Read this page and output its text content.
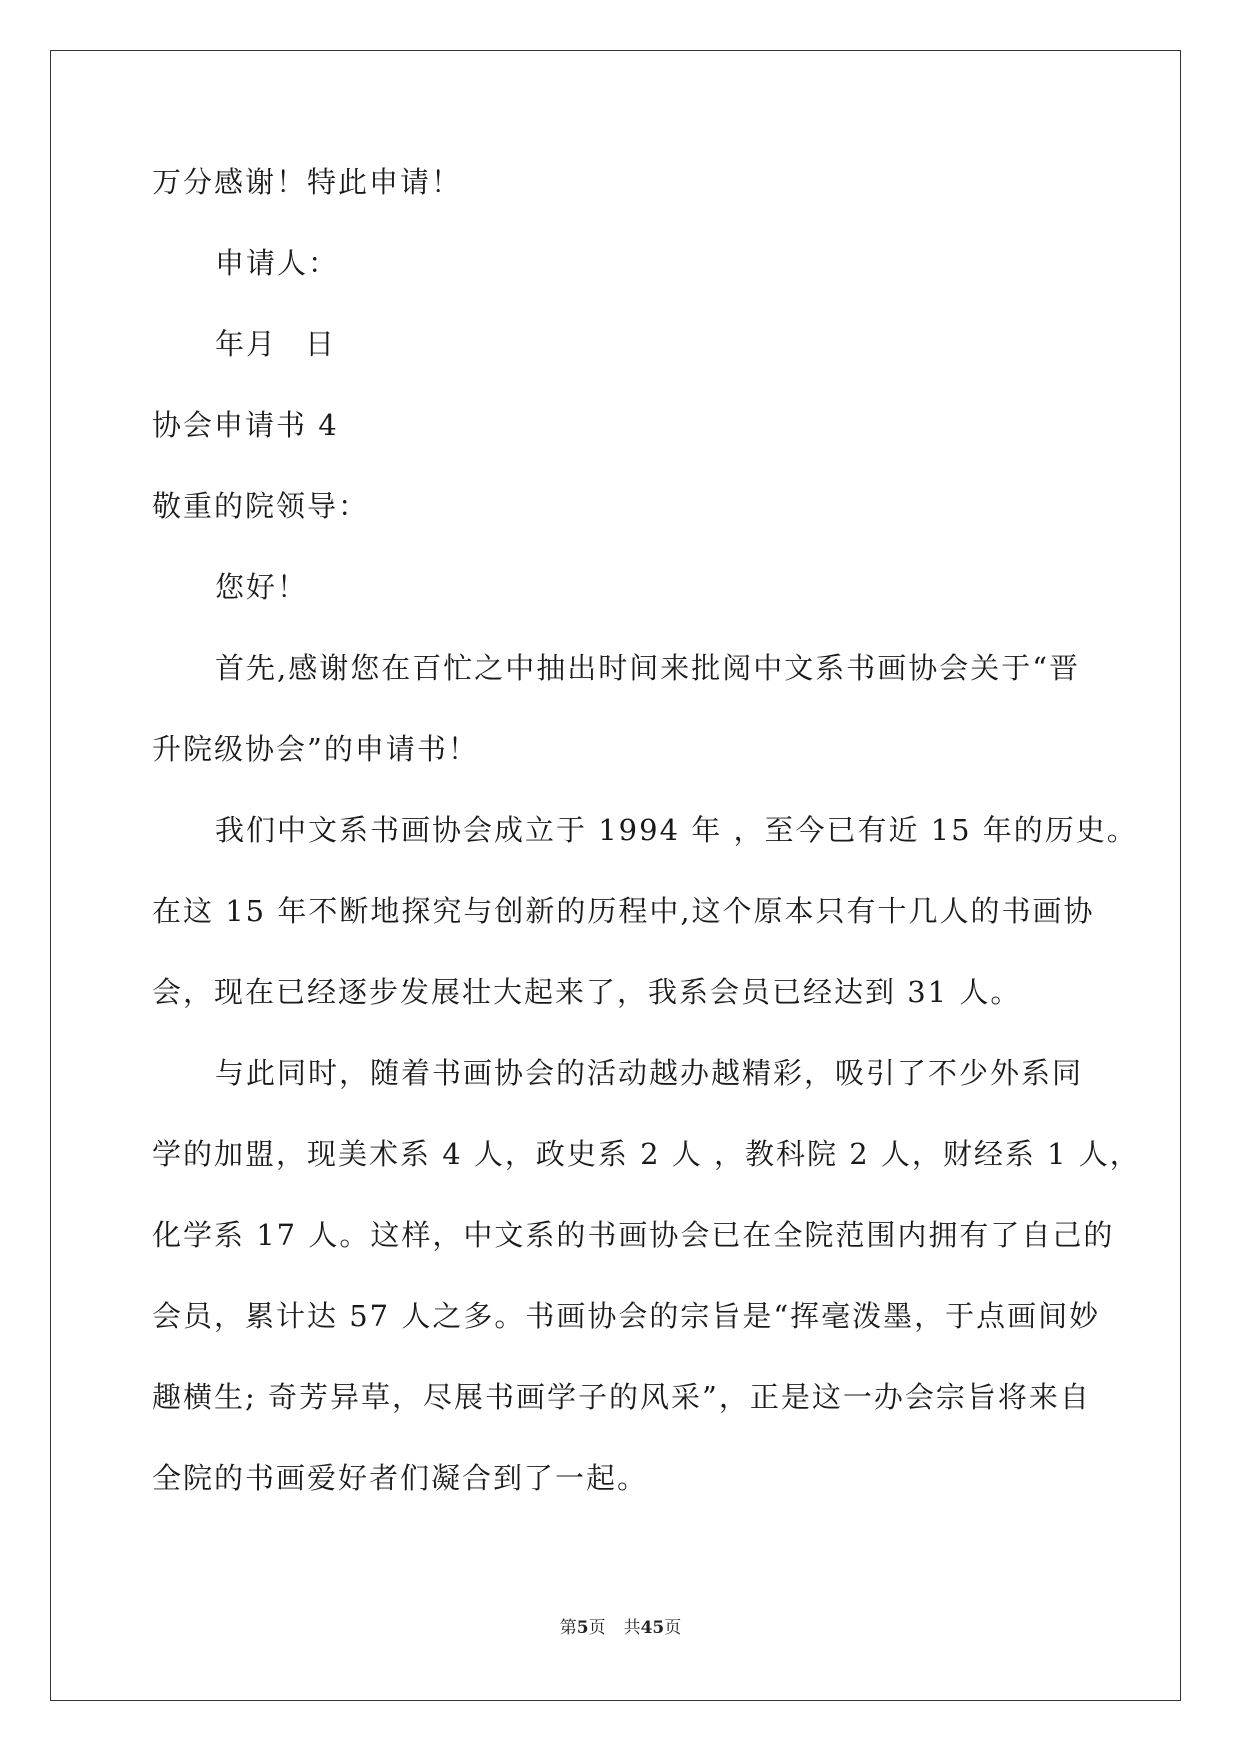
万分感谢！特此申请！
申请人：
年月 日
协会申请书 4
敬重的院领导：
您好！
首先,感谢您在百忙之中抽出时间来批阅中文系书画协会关于“晋
升院级协会”的申请书！
我们中文系书画协会成立于 1994 年 ，至今已有近 15 年的历史。
在这 15 年不断地探究与创新的历程中,这个原本只有十几人的书画协
会，现在已经逐步发展壮大起来了，我系会员已经达到 31 人。
与此同时，随着书画协会的活动越办越精彩，吸引了不少外系同
学的加盟，现美术系 4 人，政史系 2 人 ，教科院 2 人，财经系 1 人，
化学系 17 人。这样，中文系的书画协会已在全院范围内拥有了自己的
会员，累计达 57 人之多。书画协会的宗旨是“挥毫泼墨，于点画间妙
趣横生; 奇芳异草，尽展书画学子的风采”，正是这一办会宗旨将来自
全院的书画爱好者们凝合到了一起。
第5页 共45页
